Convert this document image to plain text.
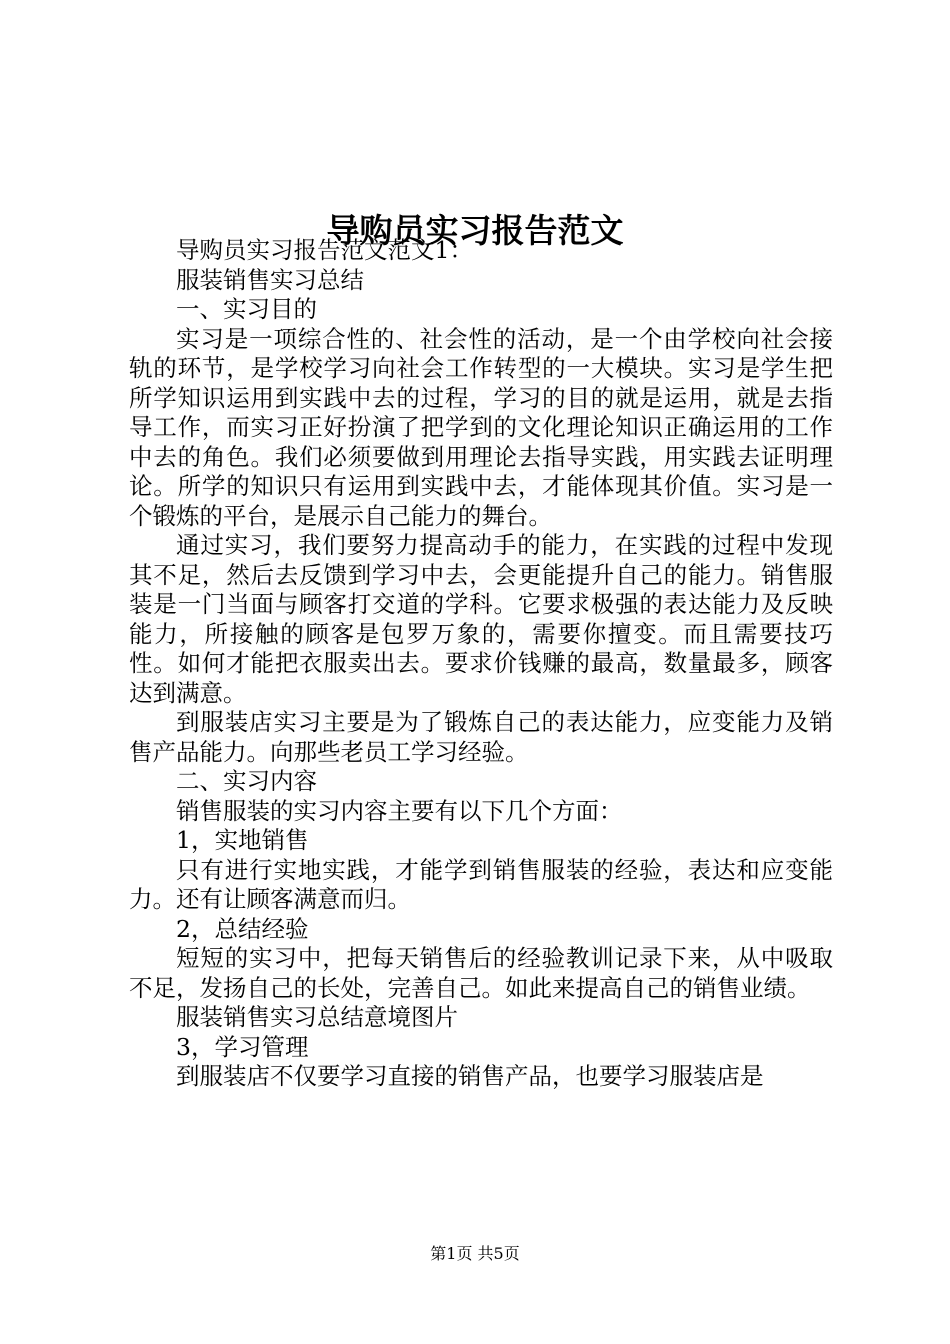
导购员实习报告范文

导购员实习报告范文范文1：

服装销售实习总结

一、实习目的

实习是一项综合性的、社会性的活动，是一个由学校向社会接轨的环节，是学校学习向社会工作转型的一大模块。实习是学生把所学知识运用到实践中去的过程，学习的目的就是运用，就是去指导工作，而实习正好扮演了把学到的文化理论知识正确运用的工作中去的角色。我们必须要做到用理论去指导实践，用实践去证明理论。所学的知识只有运用到实践中去，才能体现其价值。实习是一个锻炼的平台，是展示自己能力的舞台。

通过实习，我们要努力提高动手的能力，在实践的过程中发现其不足，然后去反馈到学习中去，会更能提升自己的能力。销售服装是一门当面与顾客打交道的学科。它要求极强的表达能力及反映能力，所接触的顾客是包罗万象的，需要你擅变。而且需要技巧性。如何才能把衣服卖出去。要求价钱赚的最高，数量最多，顾客达到满意。

到服装店实习主要是为了锻炼自己的表达能力，应变能力及销售产品能力。向那些老员工学习经验。

二、实习内容

销售服装的实习内容主要有以下几个方面：

1，实地销售

只有进行实地实践，才能学到销售服装的经验，表达和应变能力。还有让顾客满意而归。

2，总结经验

短短的实习中，把每天销售后的经验教训记录下来，从中吸取不足，发扬自己的长处，完善自己。如此来提高自己的销售业绩。

服装销售实习总结意境图片

3，学习管理

到服装店不仅要学习直接的销售产品，也要学习服装店是

第1页 共5页
